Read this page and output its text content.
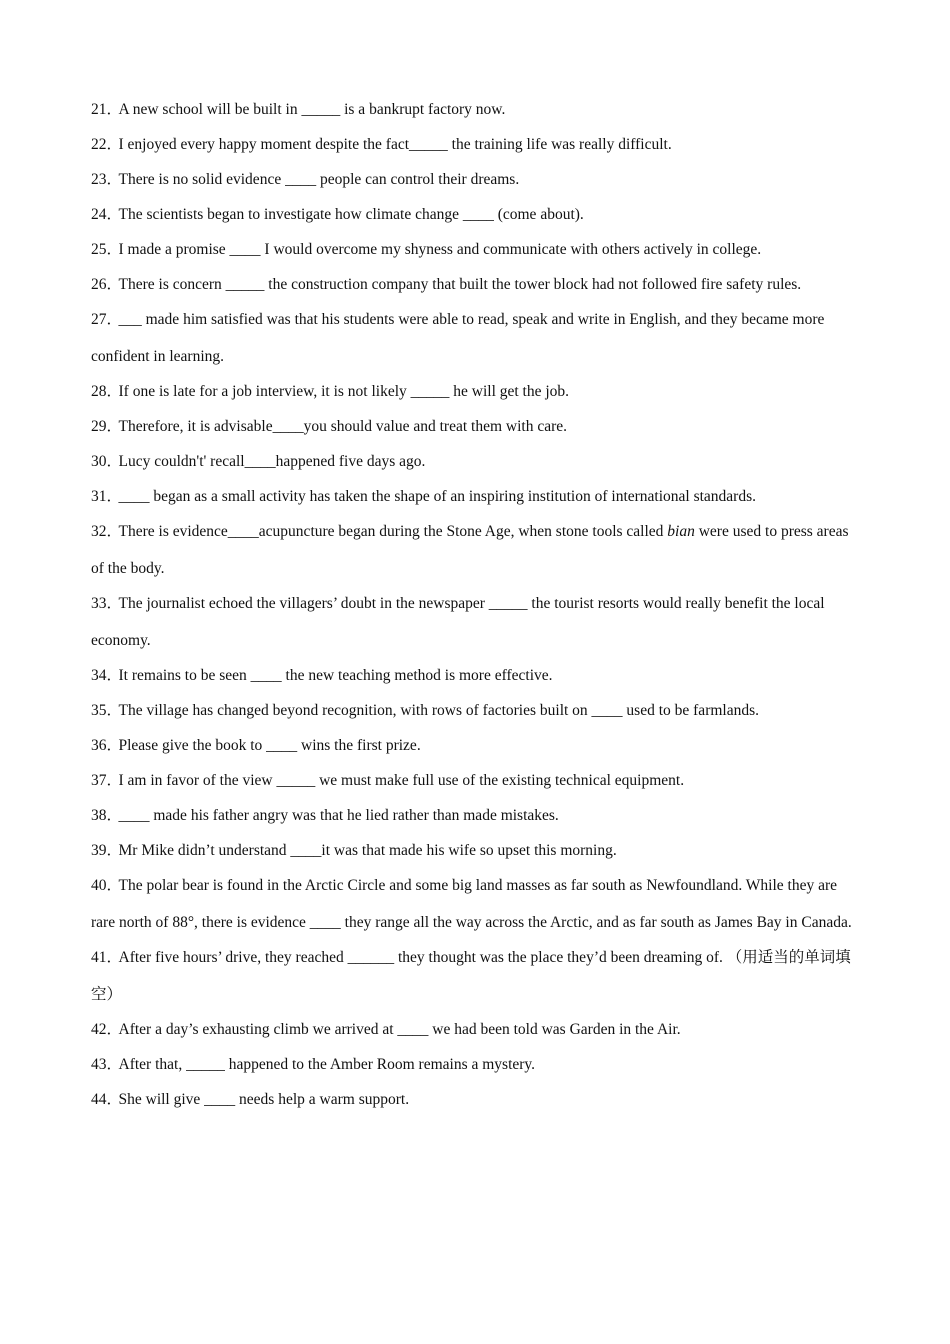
21．A new school will be built in _____ is a bankrupt factory now.

22．I enjoyed every happy moment despite the fact_____ the training life was really difficult.

23．There is no solid evidence ____ people can control their dreams.

24．The scientists began to investigate how climate change ____ (come about).

25．I made a promise ____ I would overcome my shyness and communicate with others actively in college.

26．There is concern _____ the construction company that built the tower block had not followed fire safety rules.

27．___ made him satisfied was that his students were able to read, speak and write in English, and they became more confident in learning.

28．If one is late for a job interview, it is not likely _____ he will get the job.

29．Therefore, it is advisable____you should value and treat them with care.

30．Lucy couldn't' recall____happened five days ago.

31．____ began as a small activity has taken the shape of an inspiring institution of international standards.

32．There is evidence____acupuncture began during the Stone Age, when stone tools called bian were used to press areas of the body.

33．The journalist echoed the villagers’ doubt in the newspaper _____ the tourist resorts would really benefit the local economy.

34．It remains to be seen ____ the new teaching method is more effective.

35．The village has changed beyond recognition, with rows of factories built on ____ used to be farmlands.

36．Please give the book to ____ wins the first prize.

37．I am in favor of the view _____ we must make full use of the existing technical equipment.

38．____ made his father angry was that he lied rather than made mistakes.

39．Mr Mike didn’t understand ____it was that made his wife so upset this morning.

40．The polar bear is found in the Arctic Circle and some big land masses as far south as Newfoundland. While they are rare north of 88°, there is evidence ____ they range all the way across the Arctic, and as far south as James Bay in Canada.

41．After five hours’ drive, they reached ______ they thought was the place they’d been dreaming of. （用适当的单词填空）

42．After a day’s exhausting climb we arrived at ____ we had been told was Garden in the Air.

43．After that, _____ happened to the Amber Room remains a mystery.

44．She will give ____ needs help a warm support.
